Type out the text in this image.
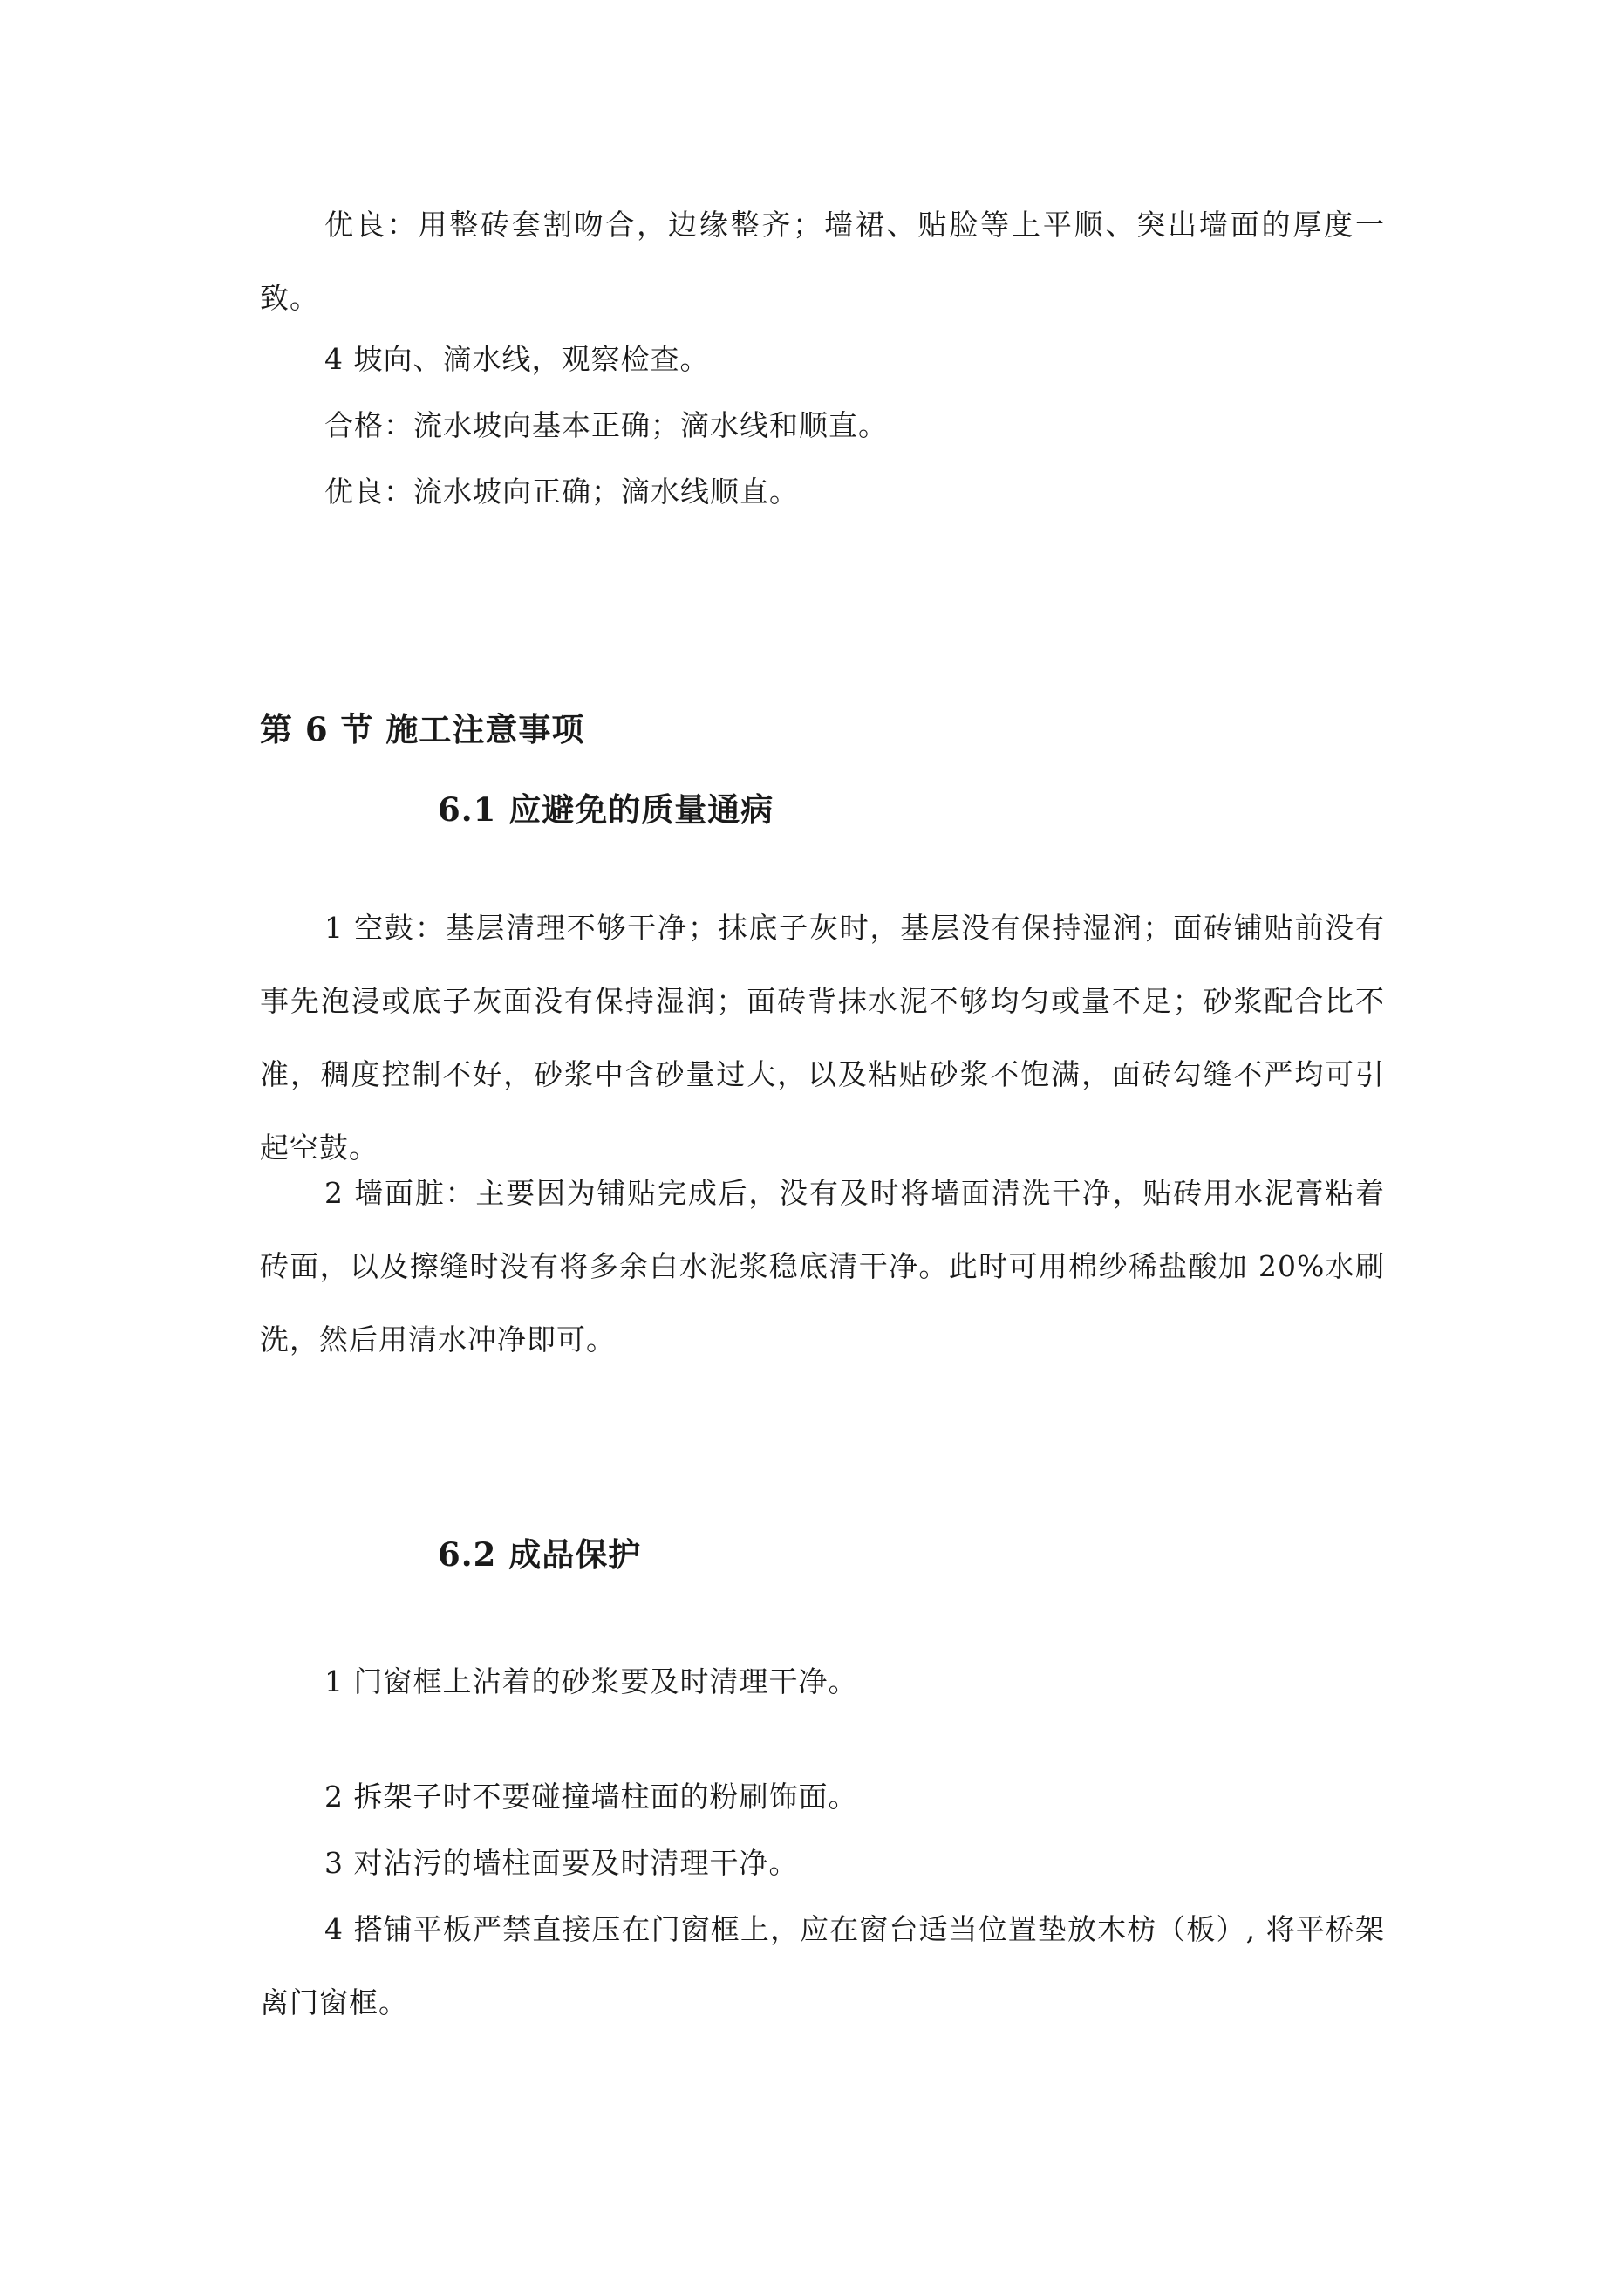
优良：用整砖套割吻合，边缘整齐；墙裙、贴脸等上平顺、突出墙面的厚度一致。

4 坡向、滴水线，观察检查。

合格：流水坡向基本正确；滴水线和顺直。

优良：流水坡向正确；滴水线顺直。

第 6 节 施工注意事项
6.1 应避免的质量通病

1 空鼓：基层清理不够干净；抹底子灰时，基层没有保持湿润；面砖铺贴前没有事先泡浸或底子灰面没有保持湿润；面砖背抹水泥不够均匀或量不足；砂浆配合比不准，稠度控制不好，砂浆中含砂量过大，以及粘贴砂浆不饱满，面砖勾缝不严均可引起空鼓。

2 墙面脏：主要因为铺贴完成后，没有及时将墙面清洗干净，贴砖用水泥膏粘着砖面，以及擦缝时没有将多余白水泥浆稳底清干净。此时可用棉纱稀盐酸加 20%水刷洗，然后用清水冲净即可。

6.2 成品保护

1 门窗框上沾着的砂浆要及时清理干净。

2 拆架子时不要碰撞墙柱面的粉刷饰面。

3 对沾污的墙柱面要及时清理干净。

4 搭铺平板严禁直接压在门窗框上，应在窗台适当位置垫放木枋（板）, 将平桥架离门窗框。
